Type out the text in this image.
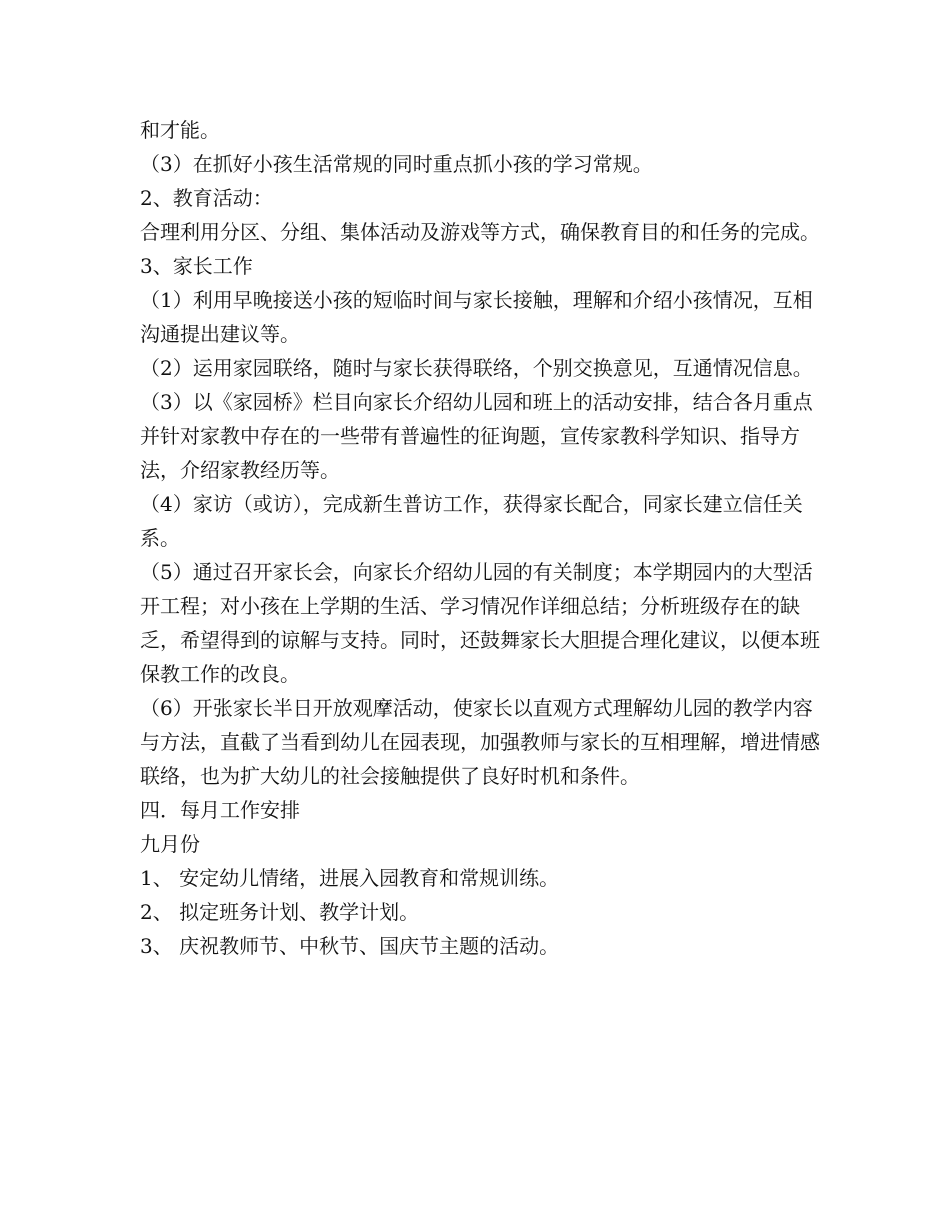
和才能。

（3）在抓好小孩生活常规的同时重点抓小孩的学习常规。

2、教育活动：

合理利用分区、分组、集体活动及游戏等方式，确保教育目的和任务的完成。

3、家长工作

（1）利用早晚接送小孩的短临时间与家长接触，理解和介绍小孩情况，互相沟通提出建议等。

（2）运用家园联络，随时与家长获得联络，个别交换意见，互通情况信息。

（3）以《家园桥》栏目向家长介绍幼儿园和班上的活动安排，结合各月重点并针对家教中存在的一些带有普遍性的征询题，宣传家教科学知识、指导方法，介绍家教经历等。

（4）家访（或访），完成新生普访工作，获得家长配合，同家长建立信任关系。

（5）通过召开家长会，向家长介绍幼儿园的有关制度；本学期园内的大型活开工程；对小孩在上学期的生活、学习情况作详细总结；分析班级存在的缺乏，希望得到的谅解与支持。同时，还鼓舞家长大胆提合理化建议，以便本班保教工作的改良。

（6）开张家长半日开放观摩活动，使家长以直观方式理解幼儿园的教学内容与方法，直截了当看到幼儿在园表现，加强教师与家长的互相理解，增进情感联络，也为扩大幼儿的社会接触提供了良好时机和条件。

四．每月工作安排

九月份

1、 安定幼儿情绪，进展入园教育和常规训练。

2、 拟定班务计划、教学计划。

3、 庆祝教师节、中秋节、国庆节主题的活动。
